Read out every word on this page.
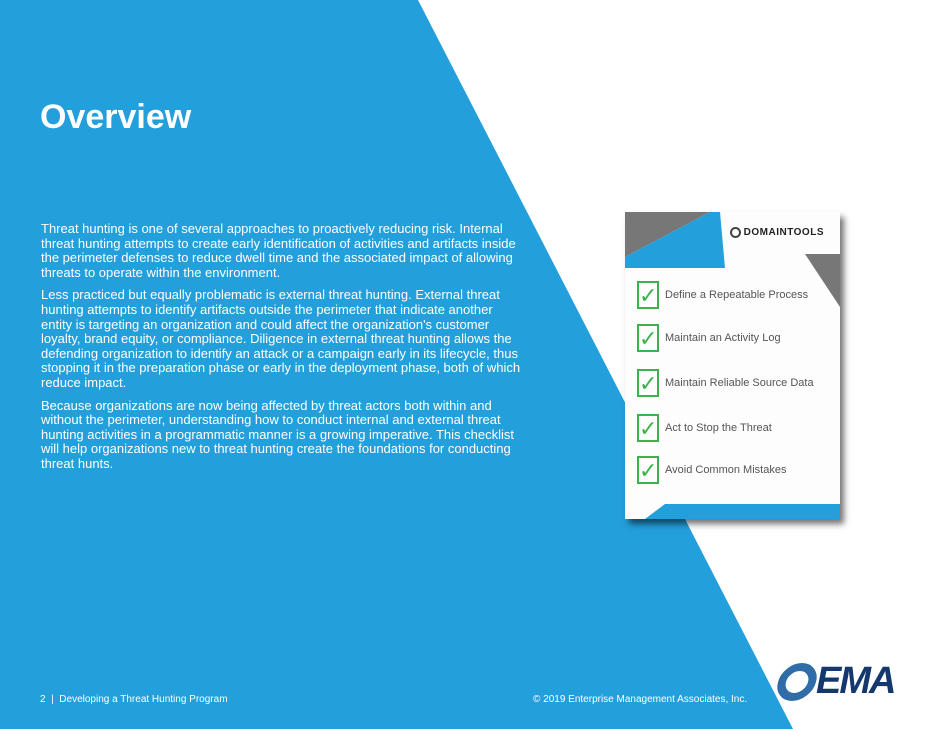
Overview

Threat hunting is one of several approaches to proactively reducing risk. Internal threat hunting attempts to create early identification of activities and artifacts inside the perimeter defenses to reduce dwell time and the associated impact of allowing threats to operate within the environment.

Less practiced but equally problematic is external threat hunting. External threat hunting attempts to identify artifacts outside the perimeter that indicate another entity is targeting an organization and could affect the organization's customer loyalty, brand equity, or compliance. Diligence in external threat hunting allows the defending organization to identify an attack or a campaign early in its lifecycle, thus stopping it in the preparation phase or early in the deployment phase, both of which reduce impact.

Because organizations are now being affected by threat actors both within and without the perimeter, understanding how to conduct internal and external threat hunting activities in a programmatic manner is a growing imperative. This checklist will help organizations new to threat hunting create the foundations for conducting threat hunts.

DOMAINTOOLS
✓ Define a Repeatable Process
✓ Maintain an Activity Log
✓ Maintain Reliable Source Data
✓ Act to Stop the Threat
✓ Avoid Common Mistakes
2  |  Developing a Threat Hunting Program	© 2019 Enterprise Management Associates, Inc. EMA
